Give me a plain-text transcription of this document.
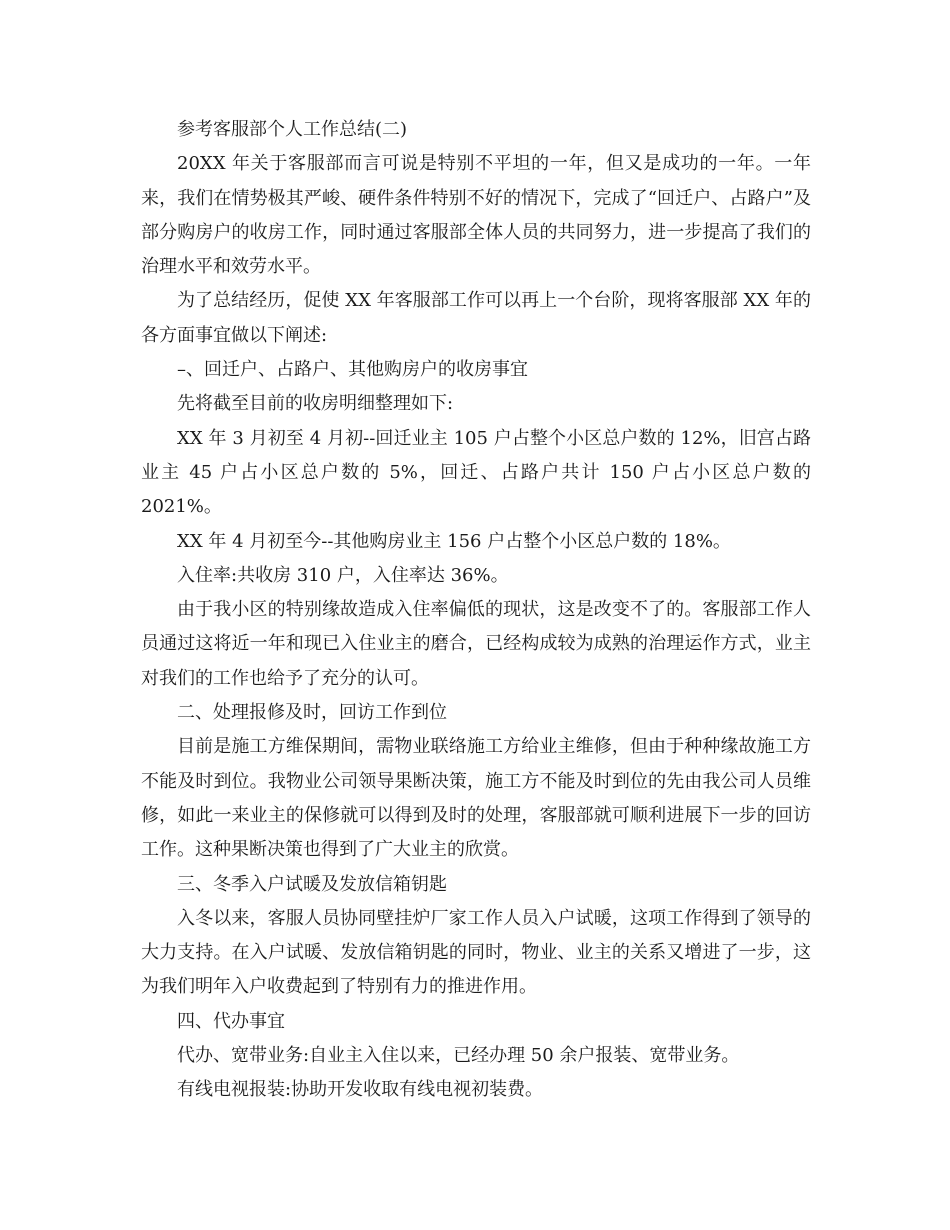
参考客服部个人工作总结(二)

20XX 年关于客服部而言可说是特别不平坦的一年，但又是成功的一年。一年来，我们在情势极其严峻、硬件条件特别不好的情况下，完成了“回迁户、占路户”及部分购房户的收房工作，同时通过客服部全体人员的共同努力，进一步提高了我们的治理水平和效劳水平。

为了总结经历，促使 XX 年客服部工作可以再上一个台阶，现将客服部 XX 年的各方面事宜做以下阐述:

–、回迁户、占路户、其他购房户的收房事宜

先将截至目前的收房明细整理如下:

XX 年 3 月初至 4 月初--回迁业主 105 户占整个小区总户数的 12%，旧宫占路业主 45 户占小区总户数的 5%，回迁、占路户共计 150 户占小区总户数的 2021%。

XX 年 4 月初至今--其他购房业主 156 户占整个小区总户数的 18%。

入住率:共收房 310 户，入住率达 36%。

由于我小区的特别缘故造成入住率偏低的现状，这是改变不了的。客服部工作人员通过这将近一年和现已入住业主的磨合，已经构成较为成熟的治理运作方式，业主对我们的工作也给予了充分的认可。

二、处理报修及时，回访工作到位

目前是施工方维保期间，需物业联络施工方给业主维修，但由于种种缘故施工方不能及时到位。我物业公司领导果断决策，施工方不能及时到位的先由我公司人员维修，如此一来业主的保修就可以得到及时的处理，客服部就可顺利进展下一步的回访工作。这种果断决策也得到了广大业主的欣赏。

三、冬季入户试暖及发放信箱钥匙

入冬以来，客服人员协同壁挂炉厂家工作人员入户试暖，这项工作得到了领导的大力支持。在入户试暖、发放信箱钥匙的同时，物业、业主的关系又增进了一步，这为我们明年入户收费起到了特别有力的推进作用。

四、代办事宜

代办、宽带业务:自业主入住以来，已经办理 50 余户报装、宽带业务。

有线电视报装:协助开发收取有线电视初装费。
